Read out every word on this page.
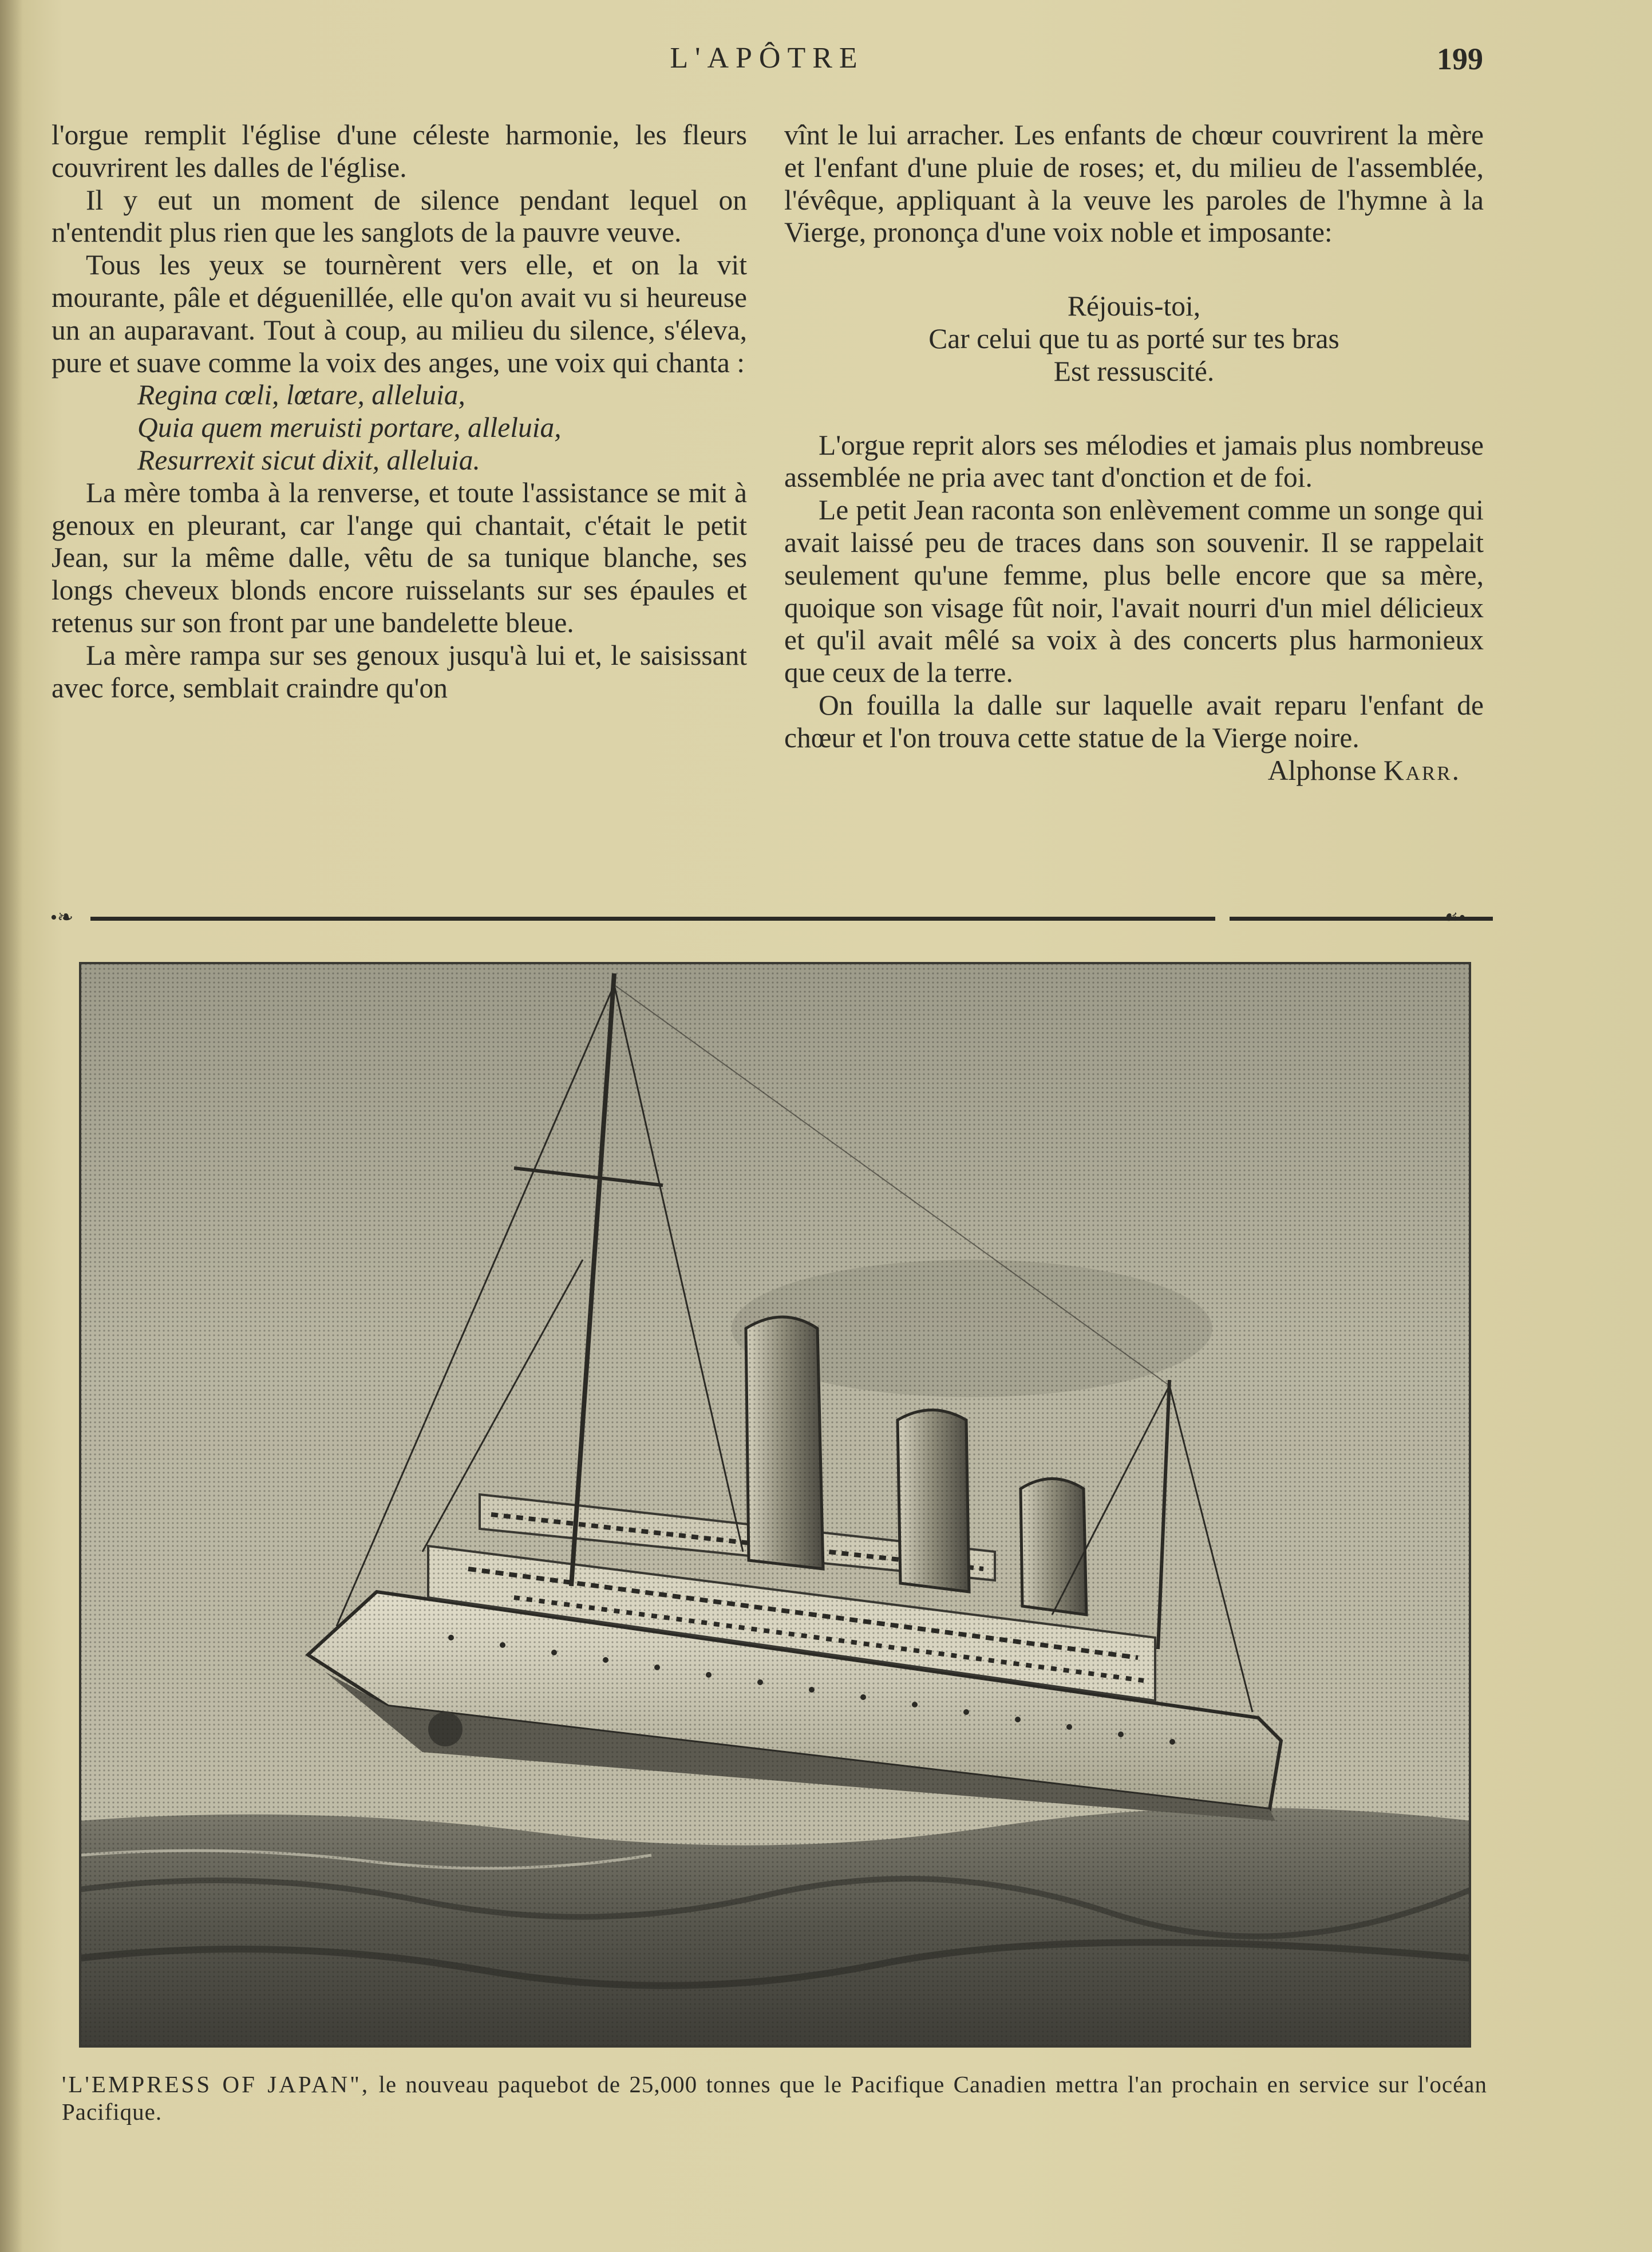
L'APÔTRE	199

l'orgue remplit l'église d'une céleste harmonie, les fleurs couvrirent les dalles de l'église.

Il y eut un moment de silence pendant lequel on n'entendit plus rien que les sanglots de la pauvre veuve.

Tous les yeux se tournèrent vers elle, et on la vit mourante, pâle et déguenillée, elle qu'on avait vu si heureuse un an auparavant. Tout à coup, au milieu du silence, s'éleva, pure et suave comme la voix des anges, une voix qui chanta :

Regina cœli, lœtare, alleluia,
Quia quem meruisti portare, alleluia,
Resurrexit sicut dixit, alleluia.

La mère tomba à la renverse, et toute l'assistance se mit à genoux en pleurant, car l'ange qui chantait, c'était le petit Jean, sur la même dalle, vêtu de sa tunique blanche, ses longs cheveux blonds encore ruisselants sur ses épaules et retenus sur son front par une bandelette bleue.

La mère rampa sur ses genoux jusqu'à lui et, le saisissant avec force, semblait craindre qu'on

vînt le lui arracher. Les enfants de chœur couvrirent la mère et l'enfant d'une pluie de roses; et, du milieu de l'assemblée, l'évêque, appliquant à la veuve les paroles de l'hymne à la Vierge, prononça d'une voix noble et imposante:

Réjouis-toi,
Car celui que tu as porté sur tes bras
Est ressuscité.

L'orgue reprit alors ses mélodies et jamais plus nombreuse assemblée ne pria avec tant d'onction et de foi.

Le petit Jean raconta son enlèvement comme un songe qui avait laissé peu de traces dans son souvenir. Il se rappelait seulement qu'une femme, plus belle encore que sa mère, quoique son visage fût noir, l'avait nourri d'un miel délicieux et qu'il avait mêlé sa voix à des concerts plus harmonieux que ceux de la terre.

On fouilla la dalle sur laquelle avait reparu l'enfant de chœur et l'on trouva cette statue de la Vierge noire.

Alphonse Karr.

•❧	☙•
'L'EMPRESS OF JAPAN", le nouveau paquebot de 25,000 tonnes que le Pacifique Canadien mettra l'an prochain en service sur l'océan Pacifique.
